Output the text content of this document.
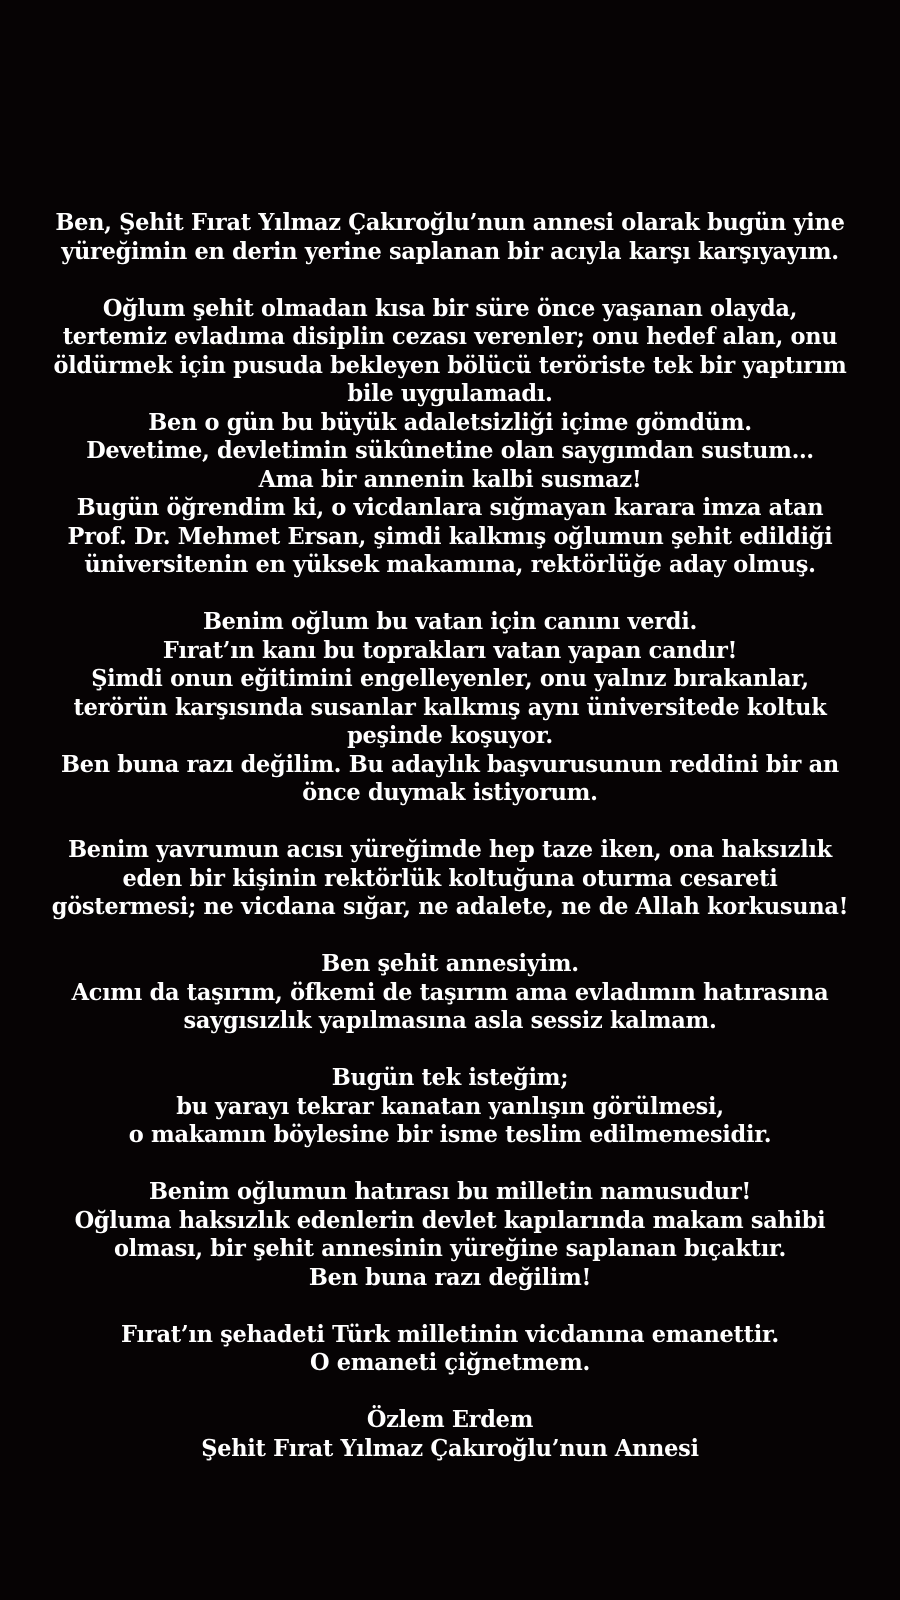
Ben, Şehit Fırat Yılmaz Çakıroğlu’nun annesi olarak bugün yine
yüreğimin en derin yerine saplanan bir acıyla karşı karşıyayım.
Oğlum şehit olmadan kısa bir süre önce yaşanan olayda,
tertemiz evladıma disiplin cezası verenler; onu hedef alan, onu
öldürmek için pusuda bekleyen bölücü teröriste tek bir yaptırım
bile uygulamadı.
Ben o gün bu büyük adaletsizliği içime gömdüm.
Devetime, devletimin sükûnetine olan saygımdan sustum…
Ama bir annenin kalbi susmaz!
Bugün öğrendim ki, o vicdanlara sığmayan karara imza atan
Prof. Dr. Mehmet Ersan, şimdi kalkmış oğlumun şehit edildiği
üniversitenin en yüksek makamına, rektörlüğe aday olmuş.
Benim oğlum bu vatan için canını verdi.
Fırat’ın kanı bu toprakları vatan yapan candır!
Şimdi onun eğitimini engelleyenler, onu yalnız bırakanlar,
terörün karşısında susanlar kalkmış aynı üniversitede koltuk
peşinde koşuyor.
Ben buna razı değilim. Bu adaylık başvurusunun reddini bir an
önce duymak istiyorum.
Benim yavrumun acısı yüreğimde hep taze iken, ona haksızlık
eden bir kişinin rektörlük koltuğuna oturma cesareti
göstermesi; ne vicdana sığar, ne adalete, ne de Allah korkusuna!
Ben şehit annesiyim.
Acımı da taşırım, öfkemi de taşırım ama evladımın hatırasına
saygısızlık yapılmasına asla sessiz kalmam.
Bugün tek isteğim;
bu yarayı tekrar kanatan yanlışın görülmesi,
o makamın böylesine bir isme teslim edilmemesidir.
Benim oğlumun hatırası bu milletin namusudur!
Oğluma haksızlık edenlerin devlet kapılarında makam sahibi
olması, bir şehit annesinin yüreğine saplanan bıçaktır.
Ben buna razı değilim!
Fırat’ın şehadeti Türk milletinin vicdanına emanettir.
O emaneti çiğnetmem.
Özlem Erdem
Şehit Fırat Yılmaz Çakıroğlu’nun Annesi
